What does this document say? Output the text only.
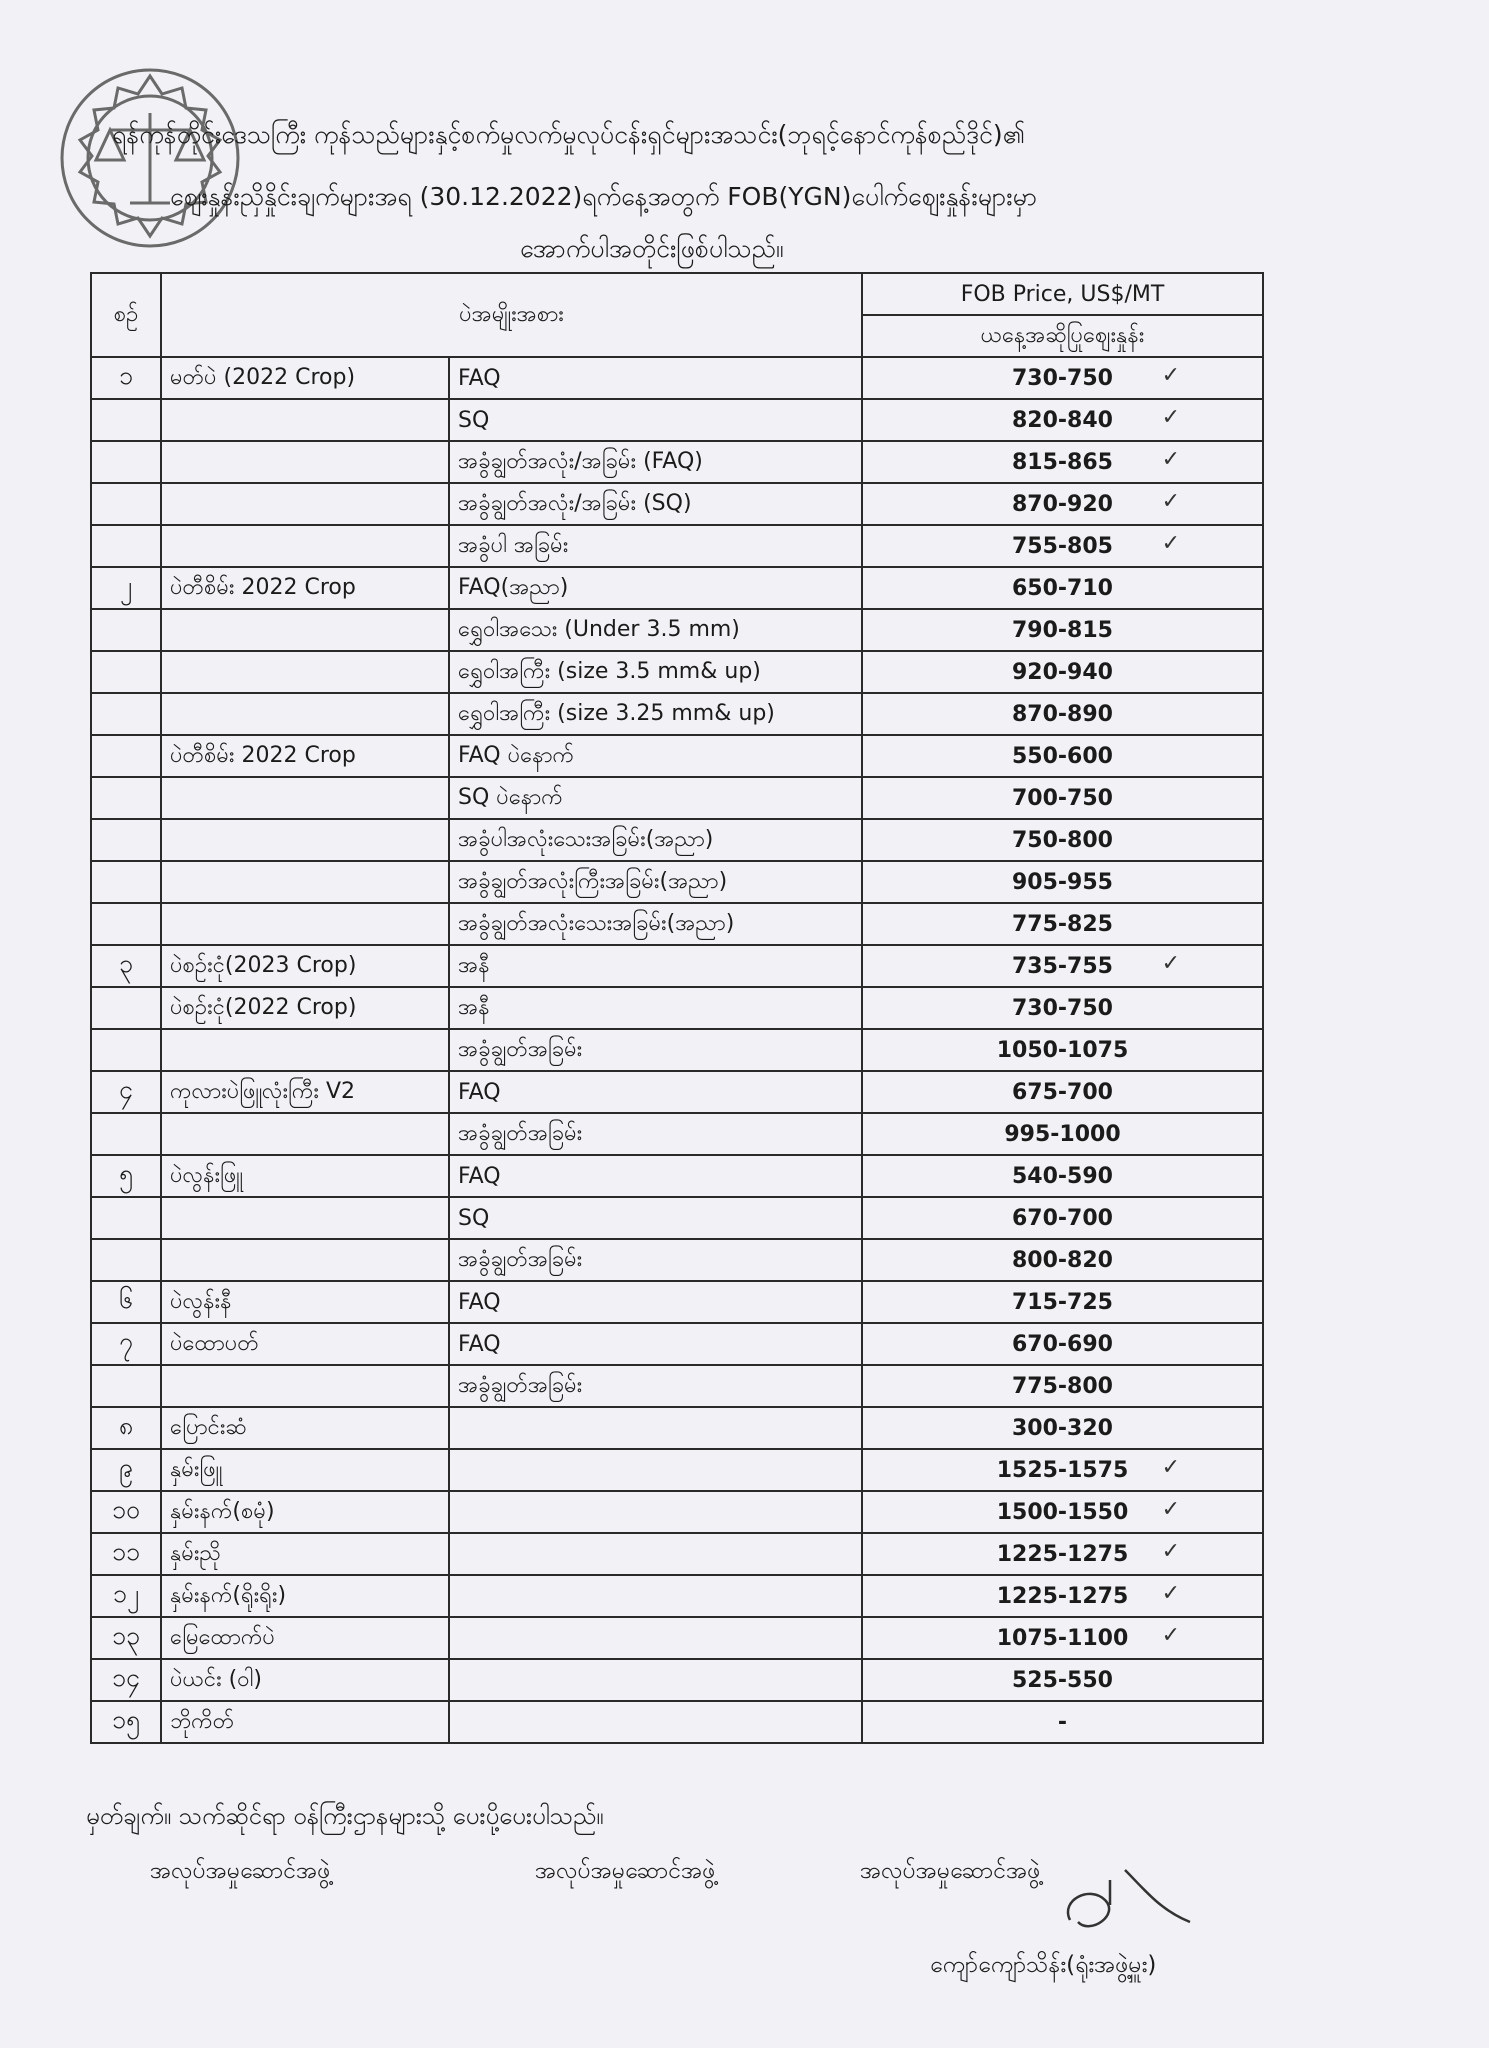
ရန်ကုန်တိုင်းဒေသကြီး ကုန်သည်များနှင့်စက်မှုလက်မှုလုပ်ငန်းရှင်များအသင်း(ဘုရင့်နောင်ကုန်စည်ဒိုင်)၏
ဈေးနှုန်းညှိနှိုင်းချက်များအရ (30.12.2022)ရက်နေ့အတွက် FOB(YGN)ပေါက်ဈေးနှုန်းများမှာ
အောက်ပါအတိုင်းဖြစ်ပါသည်။
စဉ်	ပဲအမျိုးအစား		FOB Price, US$/MT
			ယနေ့အဆိုပြုဈေးနှုန်း
၁	မတ်ပဲ (2022 Crop)	FAQ	730-750 ✓

		SQ	820-840 ✓

		အခွံချွတ်အလုံး/အခြမ်း (FAQ)	815-865 ✓

		အခွံချွတ်အလုံး/အခြမ်း (SQ)	870-920 ✓

		အခွံပါ အခြမ်း	755-805 ✓

၂	ပဲတီစိမ်း 2022 Crop	FAQ(အညာ)	650-710
		ရွှေဝါအသေး (Under 3.5 mm)	790-815
		ရွှေဝါအကြီး (size 3.5 mm& up)	920-940
		ရွှေဝါအကြီး (size 3.25 mm& up)	870-890
	ပဲတီစိမ်း 2022 Crop	FAQ ပဲနောက်	550-600
		SQ ပဲနောက်	700-750
		အခွံပါအလုံးသေးအခြမ်း(အညာ)	750-800
		အခွံချွတ်အလုံးကြီးအခြမ်း(အညာ)	905-955
		အခွံချွတ်အလုံးသေးအခြမ်း(အညာ)	775-825
၃	ပဲစဉ်းငုံ(2023 Crop)	အနီ	735-755 ✓

	ပဲစဉ်းငုံ(2022 Crop)	အနီ	730-750
		အခွံချွတ်အခြမ်း	1050-1075
၄	ကုလားပဲဖြူလုံးကြီး V2	FAQ	675-700
		အခွံချွတ်အခြမ်း	995-1000
၅	ပဲလွန်းဖြူ	FAQ	540-590
		SQ	670-700
		အခွံချွတ်အခြမ်း	800-820
၆	ပဲလွန်းနီ	FAQ	715-725
၇	ပဲထောပတ်	FAQ	670-690
		အခွံချွတ်အခြမ်း	775-800
၈	ပြောင်းဆံ		300-320
၉	နှမ်းဖြူ		1525-1575 ✓

၁၀	နှမ်းနက်(စမုံ)		1500-1550 ✓

၁၁	နှမ်းညို		1225-1275 ✓

၁၂	နှမ်းနက်(ရိုးရိုး)		1225-1275 ✓

၁၃	မြေထောက်ပဲ		1075-1100 ✓

၁၄	ပဲယင်း (ဝါ)		525-550
၁၅	ဘိုကိတ်		-
မှတ်ချက်။ သက်ဆိုင်ရာ ဝန်ကြီးဌာနများသို့ ပေးပို့ပေးပါသည်။
အလုပ်အမှုဆောင်အဖွဲ့	အလုပ်အမှုဆောင်အဖွဲ့	အလုပ်အမှုဆောင်အဖွဲ့
ကျော်ကျော်သိန်း(ရုံးအဖွဲ့မှူး)
